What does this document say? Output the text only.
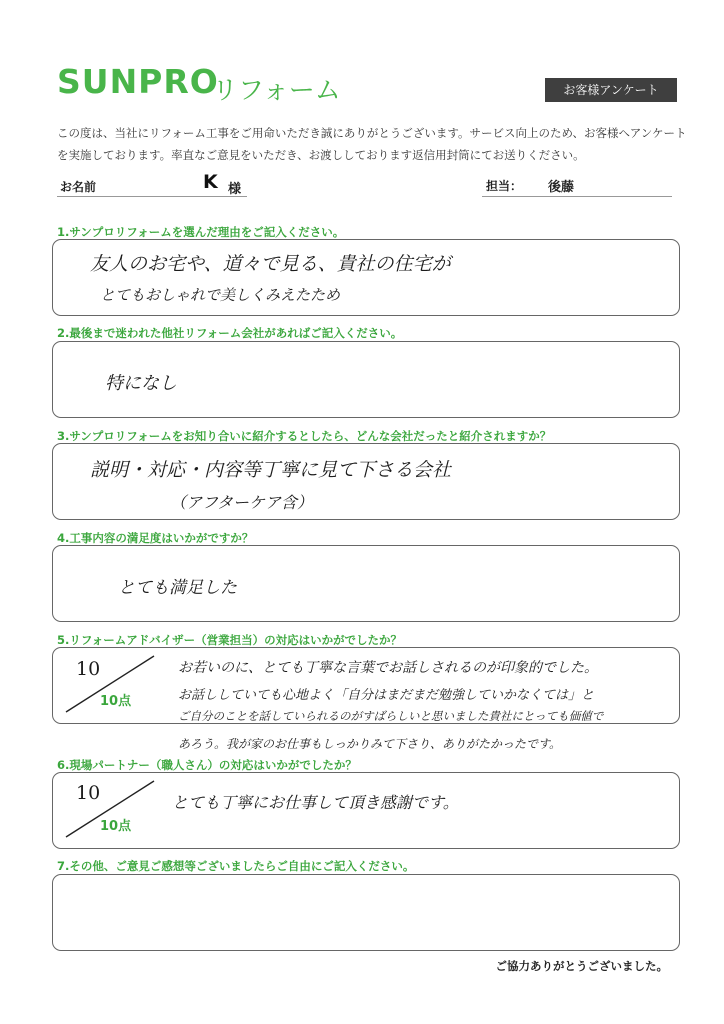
SUNPRO
リフォーム	お客様アンケート
この度は、当社にリフォーム工事をご用命いただき誠にありがとうございます。サービス向上のため、お客様へアンケート
を実施しております。率直なご意見をいただき、お渡ししております返信用封筒にてお送りください。
お名前	K 様	担当： 後藤
1.サンプロリフォームを選んだ理由をご記入ください。
友人のお宅や、道々で見る、貴社の住宅が
とてもおしゃれで美しくみえたため
2.最後まで迷われた他社リフォーム会社があればご記入ください。
特になし
3.サンプロリフォームをお知り合いに紹介するとしたら、どんな会社だったと紹介されますか？
説明・対応・内容等丁寧に見て下さる会社
（アフターケア含）
4.工事内容の満足度はいかがですか？
とても満足した
5.リフォームアドバイザー（営業担当）の対応はいかがでしたか？
10
10点
お若いのに、とても丁寧な言葉でお話しされるのが印象的でした。
お話ししていても心地よく「自分はまだまだ勉強していかなくては」と
ご自分のことを話していられるのがすばらしいと思いました貴社にとっても価値で
あろう。我が家のお仕事もしっかりみて下さり、ありがたかったです。
6.現場パートナー（職人さん）の対応はいかがでしたか？
10
10点
とても丁寧にお仕事して頂き感謝です。
7.その他、ご意見ご感想等ございましたらご自由にご記入ください。
ご協力ありがとうございました。
